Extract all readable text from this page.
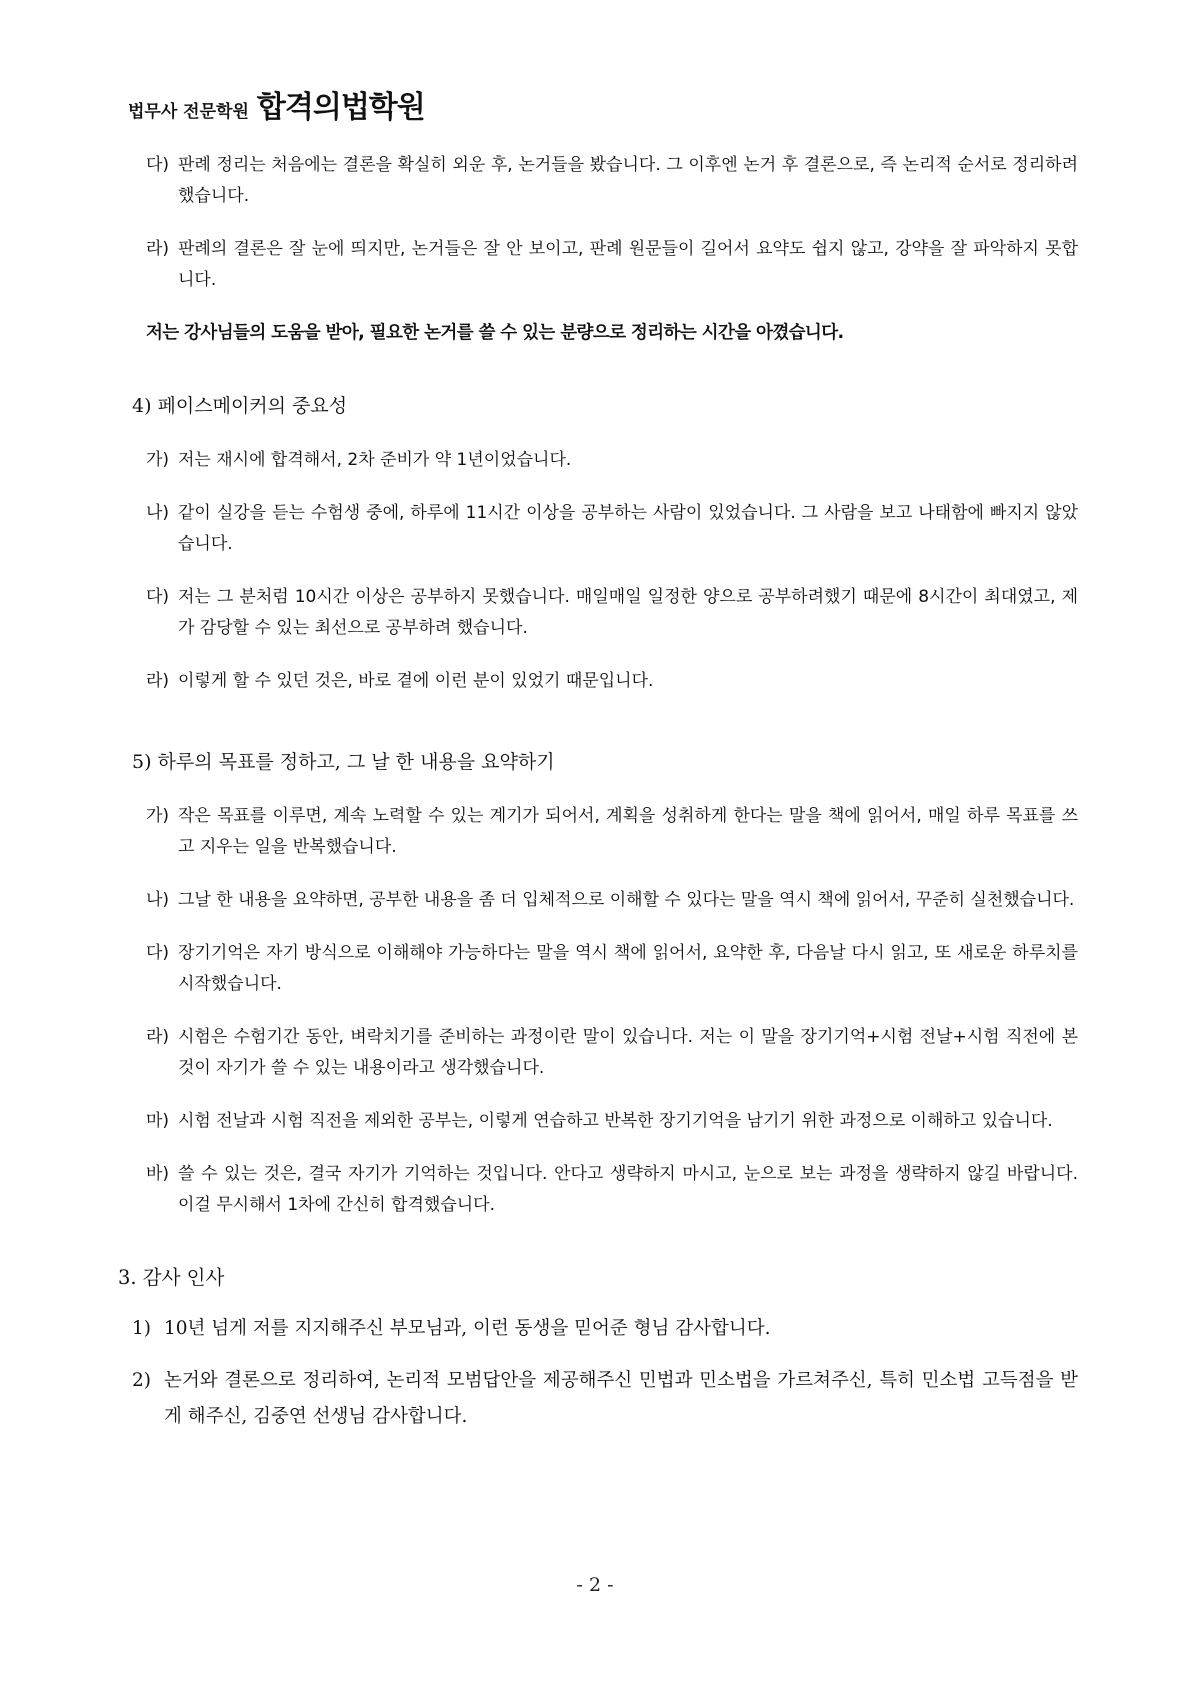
법무사 전문학원 합격의법학원
다) 판례 정리는 처음에는 결론을 확실히 외운 후, 논거들을 봤습니다. 그 이후엔 논거 후 결론으로, 즉 논리적 순서로 정리하려 했습니다.
라) 판례의 결론은 잘 눈에 띄지만, 논거들은 잘 안 보이고, 판례 원문들이 길어서 요약도 쉽지 않고, 강약을 잘 파악하지 못합니다.
저는 강사님들의 도움을 받아, 필요한 논거를 쓸 수 있는 분량으로 정리하는 시간을 아꼈습니다.
4) 페이스메이커의 중요성
가) 저는 재시에 합격해서, 2차 준비가 약 1년이었습니다.
나) 같이 실강을 듣는 수험생 중에, 하루에 11시간 이상을 공부하는 사람이 있었습니다. 그 사람을 보고 나태함에 빠지지 않았습니다.
다) 저는 그 분처럼 10시간 이상은 공부하지 못했습니다. 매일매일 일정한 양으로 공부하려했기 때문에 8시간이 최대였고, 제가 감당할 수 있는 최선으로 공부하려 했습니다.
라) 이렇게 할 수 있던 것은, 바로 곁에 이런 분이 있었기 때문입니다.
5) 하루의 목표를 정하고, 그 날 한 내용을 요약하기
가) 작은 목표를 이루면, 계속 노력할 수 있는 계기가 되어서, 계획을 성취하게 한다는 말을 책에 읽어서, 매일 하루 목표를 쓰고 지우는 일을 반복했습니다.
나) 그날 한 내용을 요약하면, 공부한 내용을 좀 더 입체적으로 이해할 수 있다는 말을 역시 책에 읽어서, 꾸준히 실천했습니다.
다) 장기기억은 자기 방식으로 이해해야 가능하다는 말을 역시 책에 읽어서, 요약한 후, 다음날 다시 읽고, 또 새로운 하루치를 시작했습니다.
라) 시험은 수험기간 동안, 벼락치기를 준비하는 과정이란 말이 있습니다. 저는 이 말을 장기기억+시험 전날+시험 직전에 본 것이 자기가 쓸 수 있는 내용이라고 생각했습니다.
마) 시험 전날과 시험 직전을 제외한 공부는, 이렇게 연습하고 반복한 장기기억을 남기기 위한 과정으로 이해하고 있습니다.
바) 쓸 수 있는 것은, 결국 자기가 기억하는 것입니다. 안다고 생략하지 마시고, 눈으로 보는 과정을 생략하지 않길 바랍니다. 이걸 무시해서 1차에 간신히 합격했습니다.
3. 감사 인사
1) 10년 넘게 저를 지지해주신 부모님과, 이런 동생을 믿어준 형님 감사합니다.
2) 논거와 결론으로 정리하여, 논리적 모범답안을 제공해주신 민법과 민소법을 가르쳐주신, 특히 민소법 고득점을 받게 해주신, 김중연 선생님 감사합니다.
- 2 -
